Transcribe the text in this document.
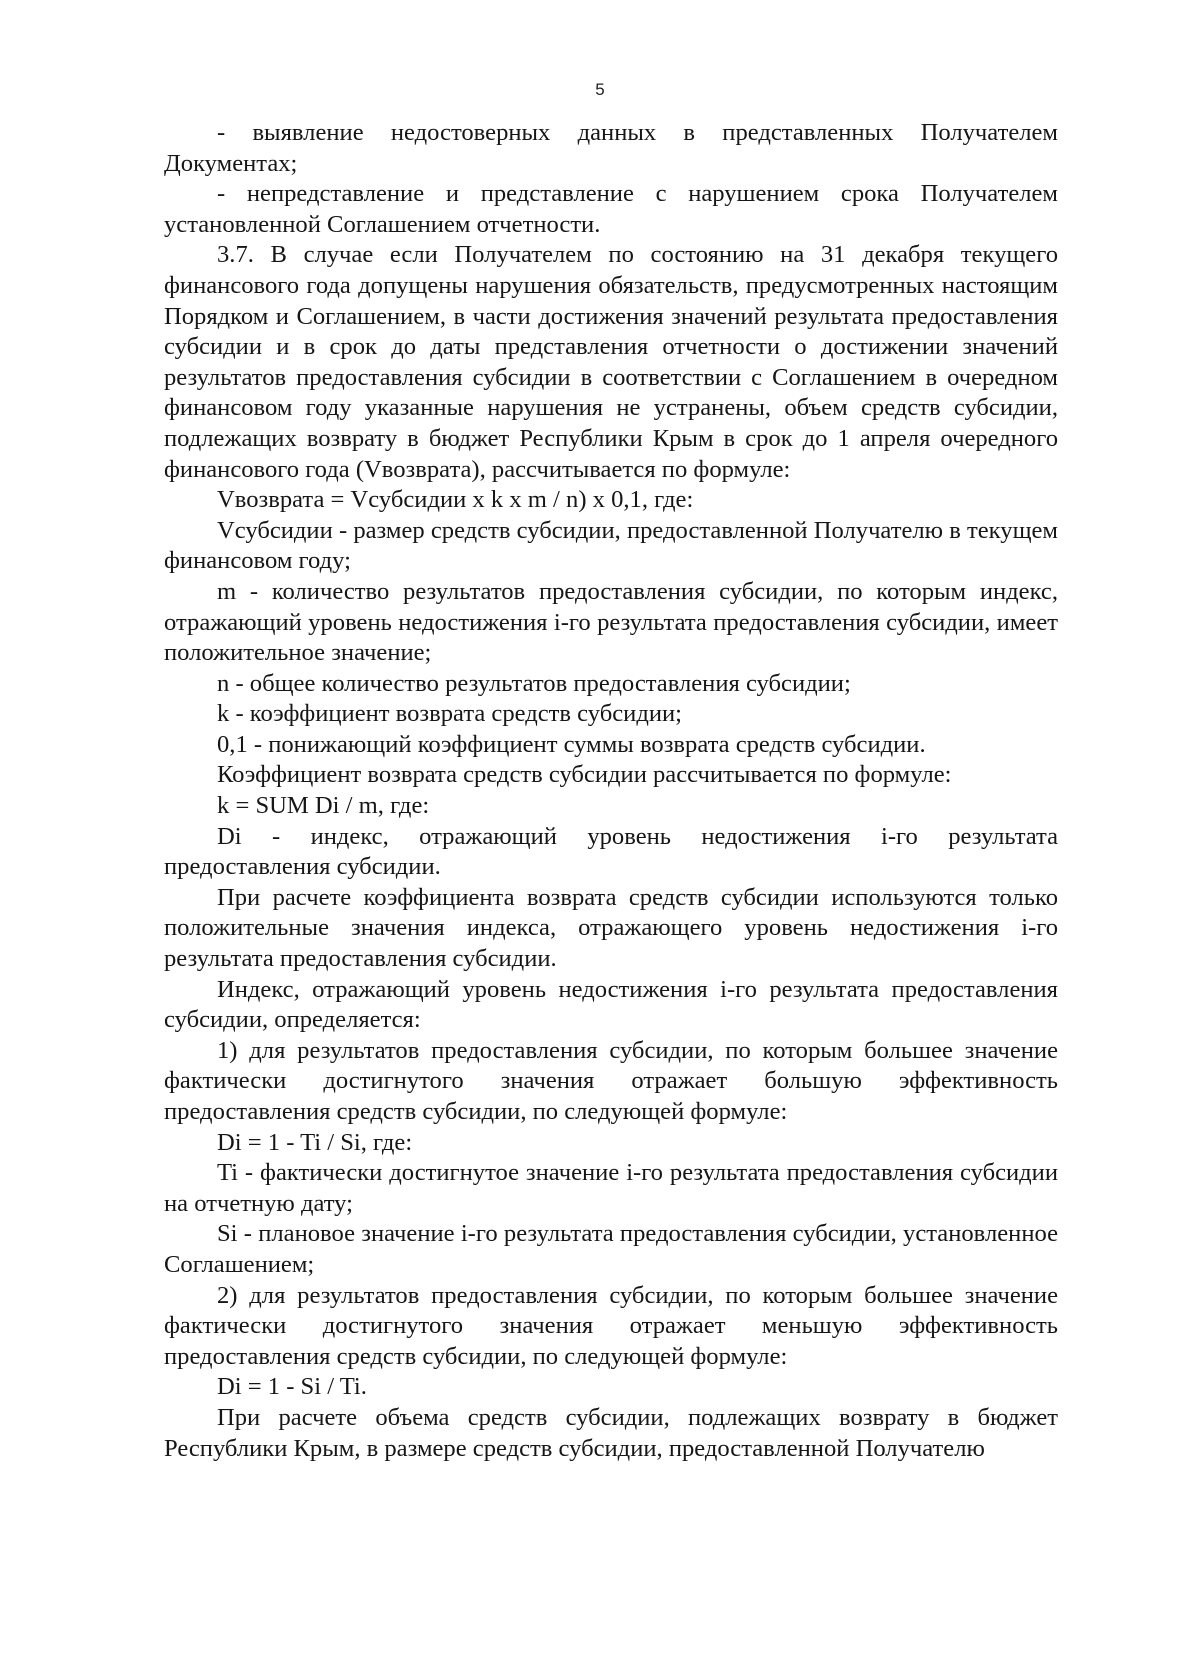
5

- выявление недостоверных данных в представленных Получателем Документах;

- непредставление и представление с нарушением срока Получателем установленной Соглашением отчетности.

3.7. В случае если Получателем по состоянию на 31 декабря текущего финансового года допущены нарушения обязательств, предусмотренных настоящим Порядком и Соглашением, в части достижения значений результата предоставления субсидии и в срок до даты представления отчетности о достижении значений результатов предоставления субсидии в соответствии с Соглашением в очередном финансовом году указанные нарушения не устранены, объем средств субсидии, подлежащих возврату в бюджет Республики Крым в срок до 1 апреля очередного финансового года (Vвозврата), рассчитывается по формуле:

Vвозврата = Vсубсидии x k x m / n) x 0,1, где:

Vсубсидии - размер средств субсидии, предоставленной Получателю в текущем финансовом году;

m - количество результатов предоставления субсидии, по которым индекс, отражающий уровень недостижения i-го результата предоставления субсидии, имеет положительное значение;

n - общее количество результатов предоставления субсидии;

k - коэффициент возврата средств субсидии;

0,1 - понижающий коэффициент суммы возврата средств субсидии.

Коэффициент возврата средств субсидии рассчитывается по формуле:

k = SUM Di / m, где:

Di - индекс, отражающий уровень недостижения i-го результата предоставления субсидии.

При расчете коэффициента возврата средств субсидии используются только положительные значения индекса, отражающего уровень недостижения i-го результата предоставления субсидии.

Индекс, отражающий уровень недостижения i-го результата предоставления субсидии, определяется:

1) для результатов предоставления субсидии, по которым большее значение фактически достигнутого значения отражает большую эффективность предоставления средств субсидии, по следующей формуле:

Di = 1 - Ti / Si, где:

Ti - фактически достигнутое значение i-го результата предоставления субсидии на отчетную дату;

Si - плановое значение i-го результата предоставления субсидии, установленное Соглашением;

2) для результатов предоставления субсидии, по которым большее значение фактически достигнутого значения отражает меньшую эффективность предоставления средств субсидии, по следующей формуле:

Di = 1 - Si / Ti.

При расчете объема средств субсидии, подлежащих возврату в бюджет Республики Крым, в размере средств субсидии, предоставленной Получателю
